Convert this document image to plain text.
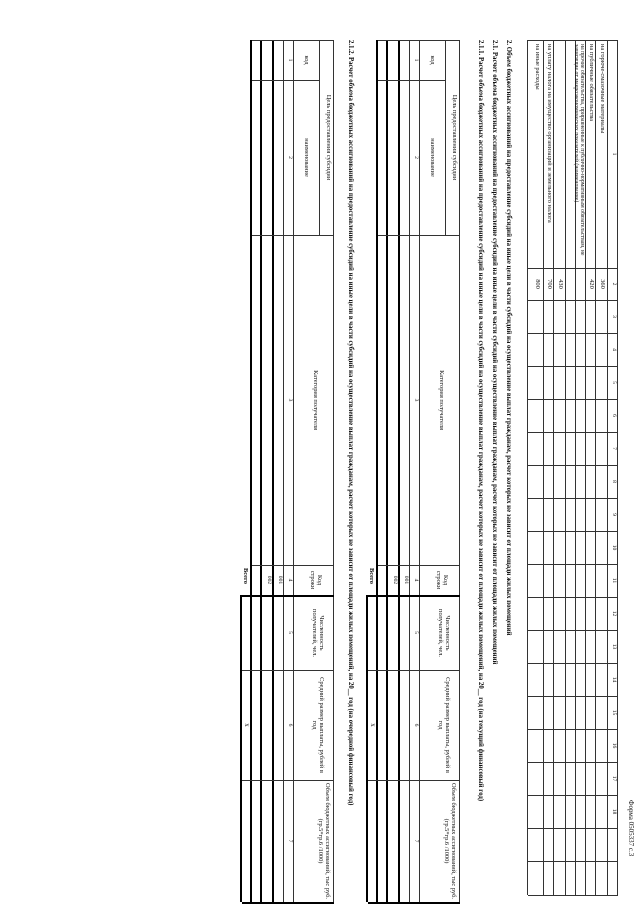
Форма 0505337 с.3
1
2
3
4
5
6
7
8
9
10
11
12
13
14
15
16
17
18
на горюче-смазочные материалы
360
на публичные обязательства
420
на прочие обязательства, приравненные к публично-нормативным обязательствам, не зависящие от макроэкономических показателей (наименование)
430
на уплату налога на имущество организаций и земельного налога
700
на иные расходы
800
2. Объем бюджетных ассигнований на предоставление субсидий на иные цели в части субсидий на осуществление выплат гражданам, расчет которых не зависит от площади жилых помещений
2.1. Расчет объема бюджетных ассигнований на предоставление субсидий на иные цели в части субсидий на осуществление выплат гражданам, расчет которых не зависит от площади жилых помещений
2.1.1. Расчет объема бюджетных ассигнований на предоставление субсидий на иные цели в части субсидий на осуществление выплат гражданам, расчет которых не зависит от площади жилых помещений, на 20__ год (на текущий финансовый год)
Цель предоставления субсидии
код
наименование
Категория получателя
Код строки
Численность получателей, чел.
Средний размер выплаты, рублей в год
Объем бюджетных ассигнований, тыс руб. (гр.5*гр.6 /1000)
1
2
3
4
5
6
7
001
002
Всего
x
2.1.2. Расчет объема бюджетных ассигнований на предоставление субсидий на иные цели в части субсидий на осуществление выплат гражданам, расчет которых не зависит от площади жилых помещений, на 20__ год (на очередной финансовый год)
Цель предоставления субсидии
код
наименование
Категория получателя
Код строки
Численность получателей, чел.
Средний размер выплаты, рублей в год
Объем бюджетных ассигнований, тыс руб. (гр.5*гр.6 /1000)
1
2
3
4
5
6
7
001
002
Всего
x
